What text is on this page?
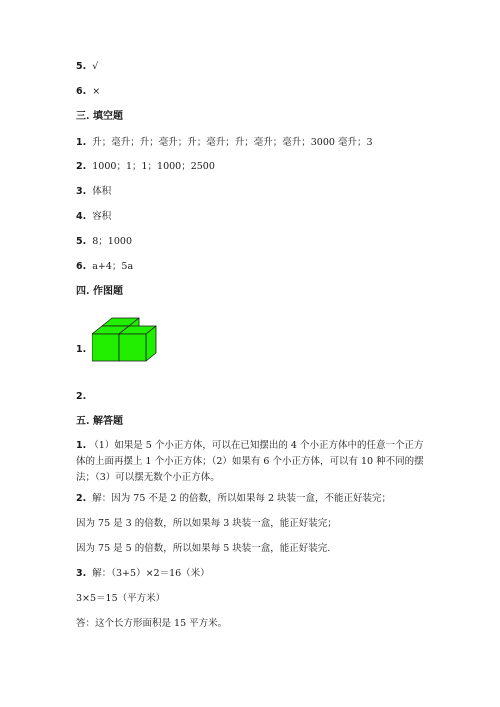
5. √
6. ×
三. 填空题
1. 升；毫升；升；毫升；升；毫升；升；毫升；毫升；3000 毫升；3
2. 1000；1；1；1000；2500
3. 体积
4. 容积
5. 8；1000
6. a+4；5a
四. 作图题
1.
2.
五. 解答题
1. （1）如果是 5 个小正方体，可以在已知摆出的 4 个小正方体中的任意一个正方体的上面再摆上 1 个小正方体；（2）如果有 6 个小正方体，可以有 10 种不同的摆法；（3）可以摆无数个小正方体。
2. 解：因为 75 不是 2 的倍数，所以如果每 2 块装一盒，不能正好装完；
因为 75 是 3 的倍数，所以如果每 3 块装一盒，能正好装完；
因为 75 是 5 的倍数，所以如果每 5 块装一盒，能正好装完.
3. 解：（3+5）×2＝16（米）
3×5＝15（平方米）
答：这个长方形面积是 15 平方米。
